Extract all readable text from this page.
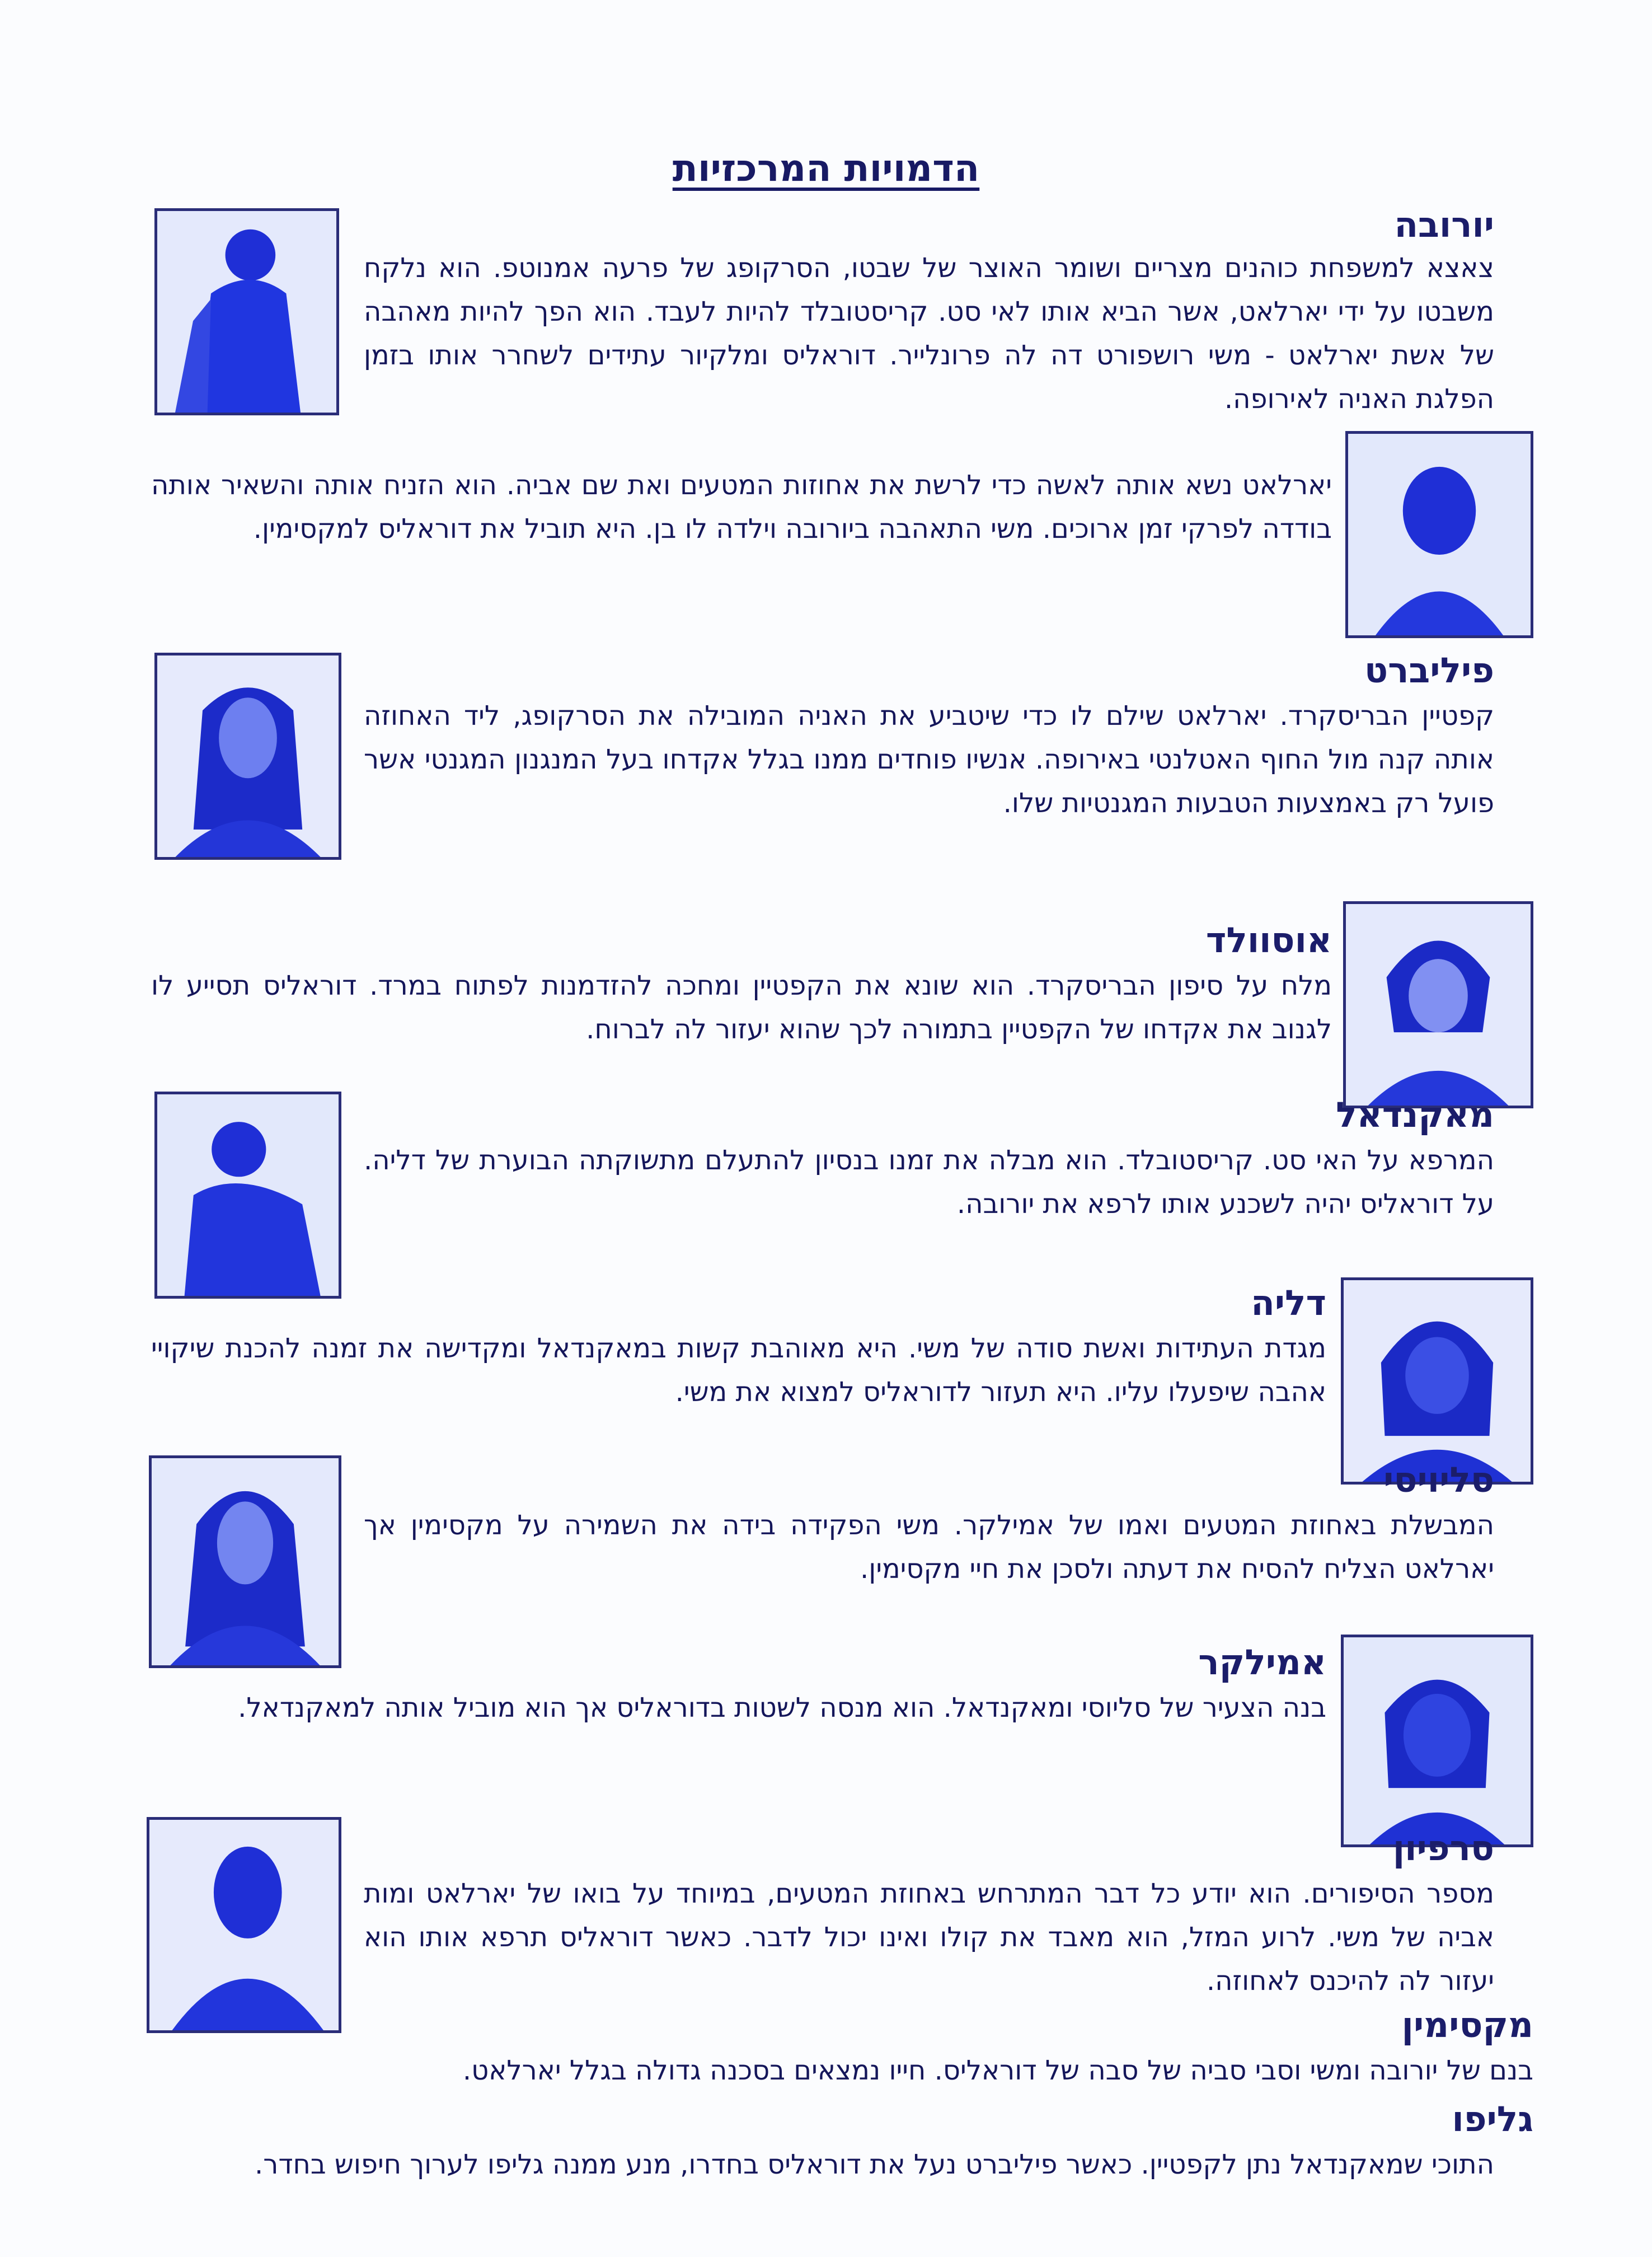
הדמויות המרכזיות

יורובה

צאצא למשפחת כוהנים מצריים ושומר האוצר של שבטו, הסרקופג של פרעה אמנוטפ. הוא נלקח משבטו על ידי יארלאט, אשר הביא אותו לאי סט. קריסטובלד להיות לעבד. הוא הפך להיות מאהבה של אשת יארלאט - משי רושפורט דה לה פרונלייר. דוראליס ומלקיור עתידים לשחרר אותו בזמן הפלגת האניה לאירופה.

יארלאט נשא אותה לאשה כדי לרשת את אחוזות המטעים ואת שם אביה. הוא הזניח אותה והשאיר אותה בודדה לפרקי זמן ארוכים. משי התאהבה ביורובה וילדה לו בן. היא תוביל את דוראליס למקסימין.

פיליברט

קפטיין הבריסקרד. יארלאט שילם לו כדי שיטביע את האניה המובילה את הסרקופג, ליד האחוזה אותה קנה מול החוף האטלנטי באירופה. אנשיו פוחדים ממנו בגלל אקדחו בעל המנגנון המגנטי אשר פועל רק באמצעות הטבעות המגנטיות שלו.

אוסוולד

מלח על סיפון הבריסקרד. הוא שונא את הקפטיין ומחכה להזדמנות לפתוח במרד. דוראליס תסייע לו לגנוב את אקדחו של הקפטיין בתמורה לכך שהוא יעזור לה לברוח.

מאקנדאל

המרפא על האי סט. קריסטובלד. הוא מבלה את זמנו בנסיון להתעלם מתשוקתה הבוערת של דליה. על דוראליס יהיה לשכנע אותו לרפא את יורובה.

דליה

מגדת העתידות ואשת סודה של משי. היא מאוהבת קשות במאקנדאל ומקדישה את זמנה להכנת שיקויי אהבה שיפעלו עליו. היא תעזור לדוראליס למצוא את משי.

סליויסי

המבשלת באחוזת המטעים ואמו של אמילקר. משי הפקידה בידה את השמירה על מקסימין אך יארלאט הצליח להסיח את דעתה ולסכן את חיי מקסימין.

אמילקר

בנה הצעיר של סליוסי ומאקנדאל. הוא מנסה לשטות בדוראליס אך הוא מוביל אותה למאקנדאל.

סרפיון

מספר הסיפורים. הוא יודע כל דבר המתרחש באחוזת המטעים, במיוחד על בואו של יארלאט ומות אביה של משי. לרוע המזל, הוא מאבד את קולו ואינו יכול לדבר. כאשר דוראליס תרפא אותו הוא יעזור לה להיכנס לאחוזה.

מקסימין

בנם של יורובה ומשי וסבי סביה של סבה של דוראליס. חייו נמצאים בסכנה גדולה בגלל יארלאט.

גליפו

התוכי שמאקנדאל נתן לקפטיין. כאשר פיליברט נעל את דוראליס בחדרו, מנע ממנה גליפו לערוך חיפוש בחדר.
